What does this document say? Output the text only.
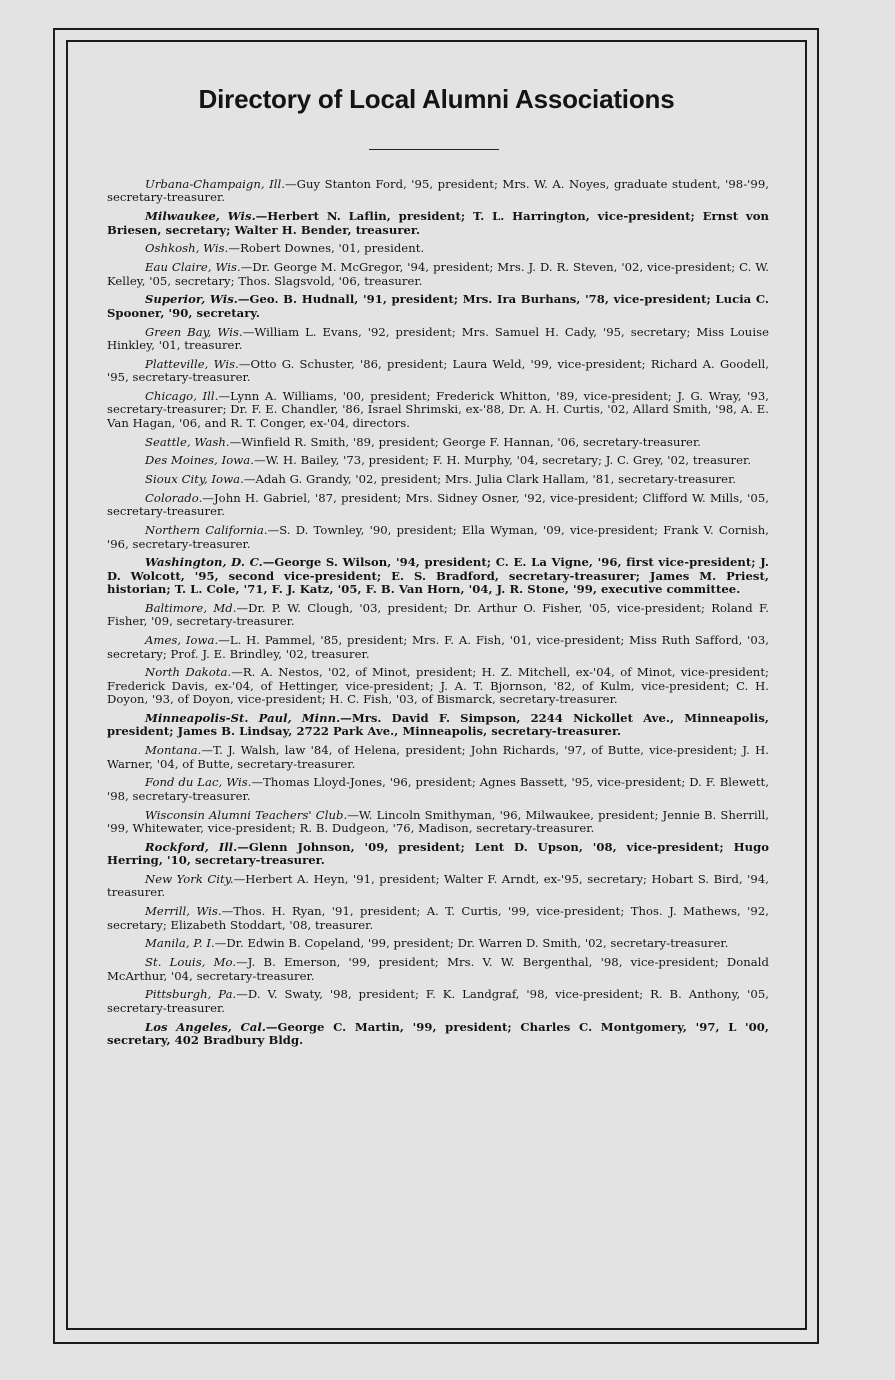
Directory of Local Alumni Associations

Urbana-Champaign, Ill.—Guy Stanton Ford, '95, president; Mrs. W. A. Noyes, graduate student, '98-'99, secretary-treasurer.

Milwaukee, Wis.—Herbert N. Laflin, president; T. L. Harrington, vice-president; Ernst von Briesen, secretary; Walter H. Bender, treasurer.

Oshkosh, Wis.—Robert Downes, '01, president.

Eau Claire, Wis.—Dr. George M. McGregor, '94, president; Mrs. J. D. R. Steven, '02, vice-president; C. W. Kelley, '05, secretary; Thos. Slagsvold, '06, treasurer.

Superior, Wis.—Geo. B. Hudnall, '91, president; Mrs. Ira Burhans, '78, vice-president; Lucia C. Spooner, '90, secretary.

Green Bay, Wis.—William L. Evans, '92, president; Mrs. Samuel H. Cady, '95, secretary; Miss Louise Hinkley, '01, treasurer.

Platteville, Wis.—Otto G. Schuster, '86, president; Laura Weld, '99, vice-president; Richard A. Goodell, '95, secretary-treasurer.

Chicago, Ill.—Lynn A. Williams, '00, president; Frederick Whitton, '89, vice-president; J. G. Wray, '93, secretary-treasurer; Dr. F. E. Chandler, '86, Israel Shrimski, ex-'88, Dr. A. H. Curtis, '02, Allard Smith, '98, A. E. Van Hagan, '06, and R. T. Conger, ex-'04, directors.

Seattle, Wash.—Winfield R. Smith, '89, president; George F. Hannan, '06, secretary-treasurer.

Des Moines, Iowa.—W. H. Bailey, '73, president; F. H. Murphy, '04, secretary; J. C. Grey, '02, treasurer.

Sioux City, Iowa.—Adah G. Grandy, '02, president; Mrs. Julia Clark Hallam, '81, secretary-treasurer.

Colorado.—John H. Gabriel, '87, president; Mrs. Sidney Osner, '92, vice-president; Clifford W. Mills, '05, secretary-treasurer.

Northern California.—S. D. Townley, '90, president; Ella Wyman, '09, vice-president; Frank V. Cornish, '96, secretary-treasurer.

Washington, D. C.—George S. Wilson, '94, president; C. E. La Vigne, '96, first vice-president; J. D. Wolcott, '95, second vice-president; E. S. Bradford, secretary-treasurer; James M. Priest, historian; T. L. Cole, '71, F. J. Katz, '05, F. B. Van Horn, '04, J. R. Stone, '99, executive committee.

Baltimore, Md.—Dr. P. W. Clough, '03, president; Dr. Arthur O. Fisher, '05, vice-president; Roland F. Fisher, '09, secretary-treasurer.

Ames, Iowa.—L. H. Pammel, '85, president; Mrs. F. A. Fish, '01, vice-president; Miss Ruth Safford, '03, secretary; Prof. J. E. Brindley, '02, treasurer.

North Dakota.—R. A. Nestos, '02, of Minot, president; H. Z. Mitchell, ex-'04, of Minot, vice-president; Frederick Davis, ex-'04, of Hettinger, vice-president; J. A. T. Bjornson, '82, of Kulm, vice-president; C. H. Doyon, '93, of Doyon, vice-president; H. C. Fish, '03, of Bismarck, secretary-treasurer.

Minneapolis-St. Paul, Minn.—Mrs. David F. Simpson, 2244 Nickollet Ave., Minneapolis, president; James B. Lindsay, 2722 Park Ave., Minneapolis, secretary-treasurer.

Montana.—T. J. Walsh, law '84, of Helena, president; John Richards, '97, of Butte, vice-president; J. H. Warner, '04, of Butte, secretary-treasurer.

Fond du Lac, Wis.—Thomas Lloyd-Jones, '96, president; Agnes Bassett, '95, vice-president; D. F. Blewett, '98, secretary-treasurer.

Wisconsin Alumni Teachers' Club.—W. Lincoln Smithyman, '96, Milwaukee, president; Jennie B. Sherrill, '99, Whitewater, vice-president; R. B. Dudgeon, '76, Madison, secretary-treasurer.

Rockford, Ill.—Glenn Johnson, '09, president; Lent D. Upson, '08, vice-president; Hugo Herring, '10, secretary-treasurer.

New York City.—Herbert A. Heyn, '91, president; Walter F. Arndt, ex-'95, secretary; Hobart S. Bird, '94, treasurer.

Merrill, Wis.—Thos. H. Ryan, '91, president; A. T. Curtis, '99, vice-president; Thos. J. Mathews, '92, secretary; Elizabeth Stoddart, '08, treasurer.

Manila, P. I.—Dr. Edwin B. Copeland, '99, president; Dr. Warren D. Smith, '02, secretary-treasurer.

St. Louis, Mo.—J. B. Emerson, '99, president; Mrs. V. W. Bergenthal, '98, vice-president; Donald McArthur, '04, secretary-treasurer.

Pittsburgh, Pa.—D. V. Swaty, '98, president; F. K. Landgraf, '98, vice-president; R. B. Anthony, '05, secretary-treasurer.

Los Angeles, Cal.—George C. Martin, '99, president; Charles C. Montgomery, '97, L '00, secretary, 402 Bradbury Bldg.
